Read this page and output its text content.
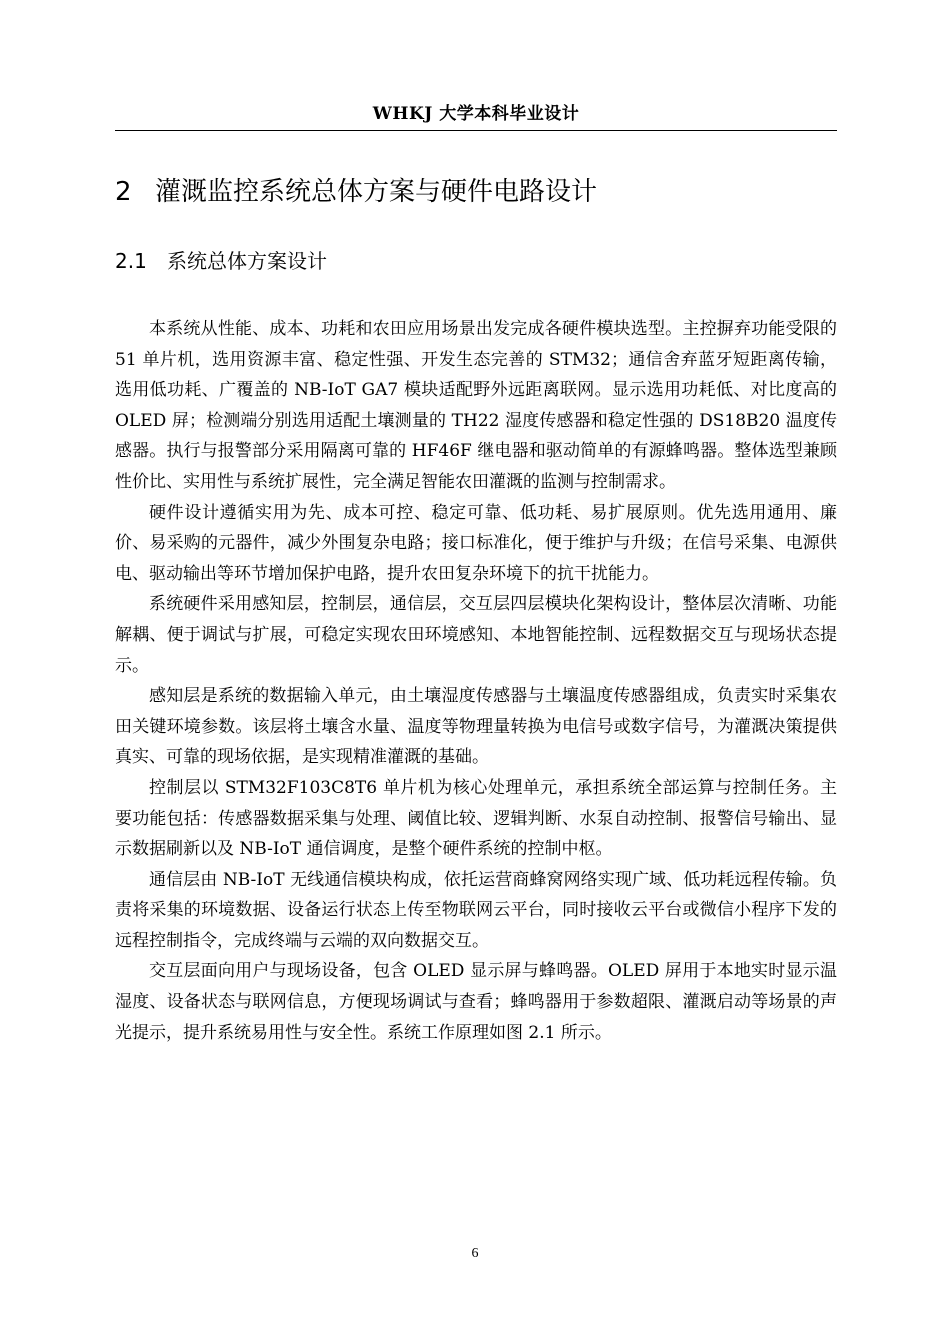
WHKJ 大学本科毕业设计
2 灌溉监控系统总体方案与硬件电路设计
2.1 系统总体方案设计

本系统从性能、成本、功耗和农田应用场景出发完成各硬件模块选型。主控摒弃功能受限的 51 单片机，选用资源丰富、稳定性强、开发生态完善的 STM32；通信舍弃蓝牙短距离传输，选用低功耗、广覆盖的 NB-IoT GA7 模块适配野外远距离联网。显示选用功耗低、对比度高的 OLED 屏；检测端分别选用适配土壤测量的 TH22 湿度传感器和稳定性强的 DS18B20 温度传感器。执行与报警部分采用隔离可靠的 HF46F 继电器和驱动简单的有源蜂鸣器。整体选型兼顾性价比、实用性与系统扩展性，完全满足智能农田灌溉的监测与控制需求。

硬件设计遵循实用为先、成本可控、稳定可靠、低功耗、易扩展原则。优先选用通用、廉价、易采购的元器件，减少外围复杂电路；接口标准化，便于维护与升级；在信号采集、电源供电、驱动输出等环节增加保护电路，提升农田复杂环境下的抗干扰能力。

系统硬件采用感知层，控制层，通信层，交互层四层模块化架构设计，整体层次清晰、功能解耦、便于调试与扩展，可稳定实现农田环境感知、本地智能控制、远程数据交互与现场状态提示。

感知层是系统的数据输入单元，由土壤湿度传感器与土壤温度传感器组成，负责实时采集农田关键环境参数。该层将土壤含水量、温度等物理量转换为电信号或数字信号，为灌溉决策提供真实、可靠的现场依据，是实现精准灌溉的基础。

控制层以 STM32F103C8T6 单片机为核心处理单元，承担系统全部运算与控制任务。主要功能包括：传感器数据采集与处理、阈值比较、逻辑判断、水泵自动控制、报警信号输出、显示数据刷新以及 NB-IoT 通信调度，是整个硬件系统的控制中枢。

通信层由 NB-IoT 无线通信模块构成，依托运营商蜂窝网络实现广域、低功耗远程传输。负责将采集的环境数据、设备运行状态上传至物联网云平台，同时接收云平台或微信小程序下发的远程控制指令，完成终端与云端的双向数据交互。

交互层面向用户与现场设备，包含 OLED 显示屏与蜂鸣器。OLED 屏用于本地实时显示温湿度、设备状态与联网信息，方便现场调试与查看；蜂鸣器用于参数超限、灌溉启动等场景的声光提示，提升系统易用性与安全性。系统工作原理如图 2.1 所示。

6
